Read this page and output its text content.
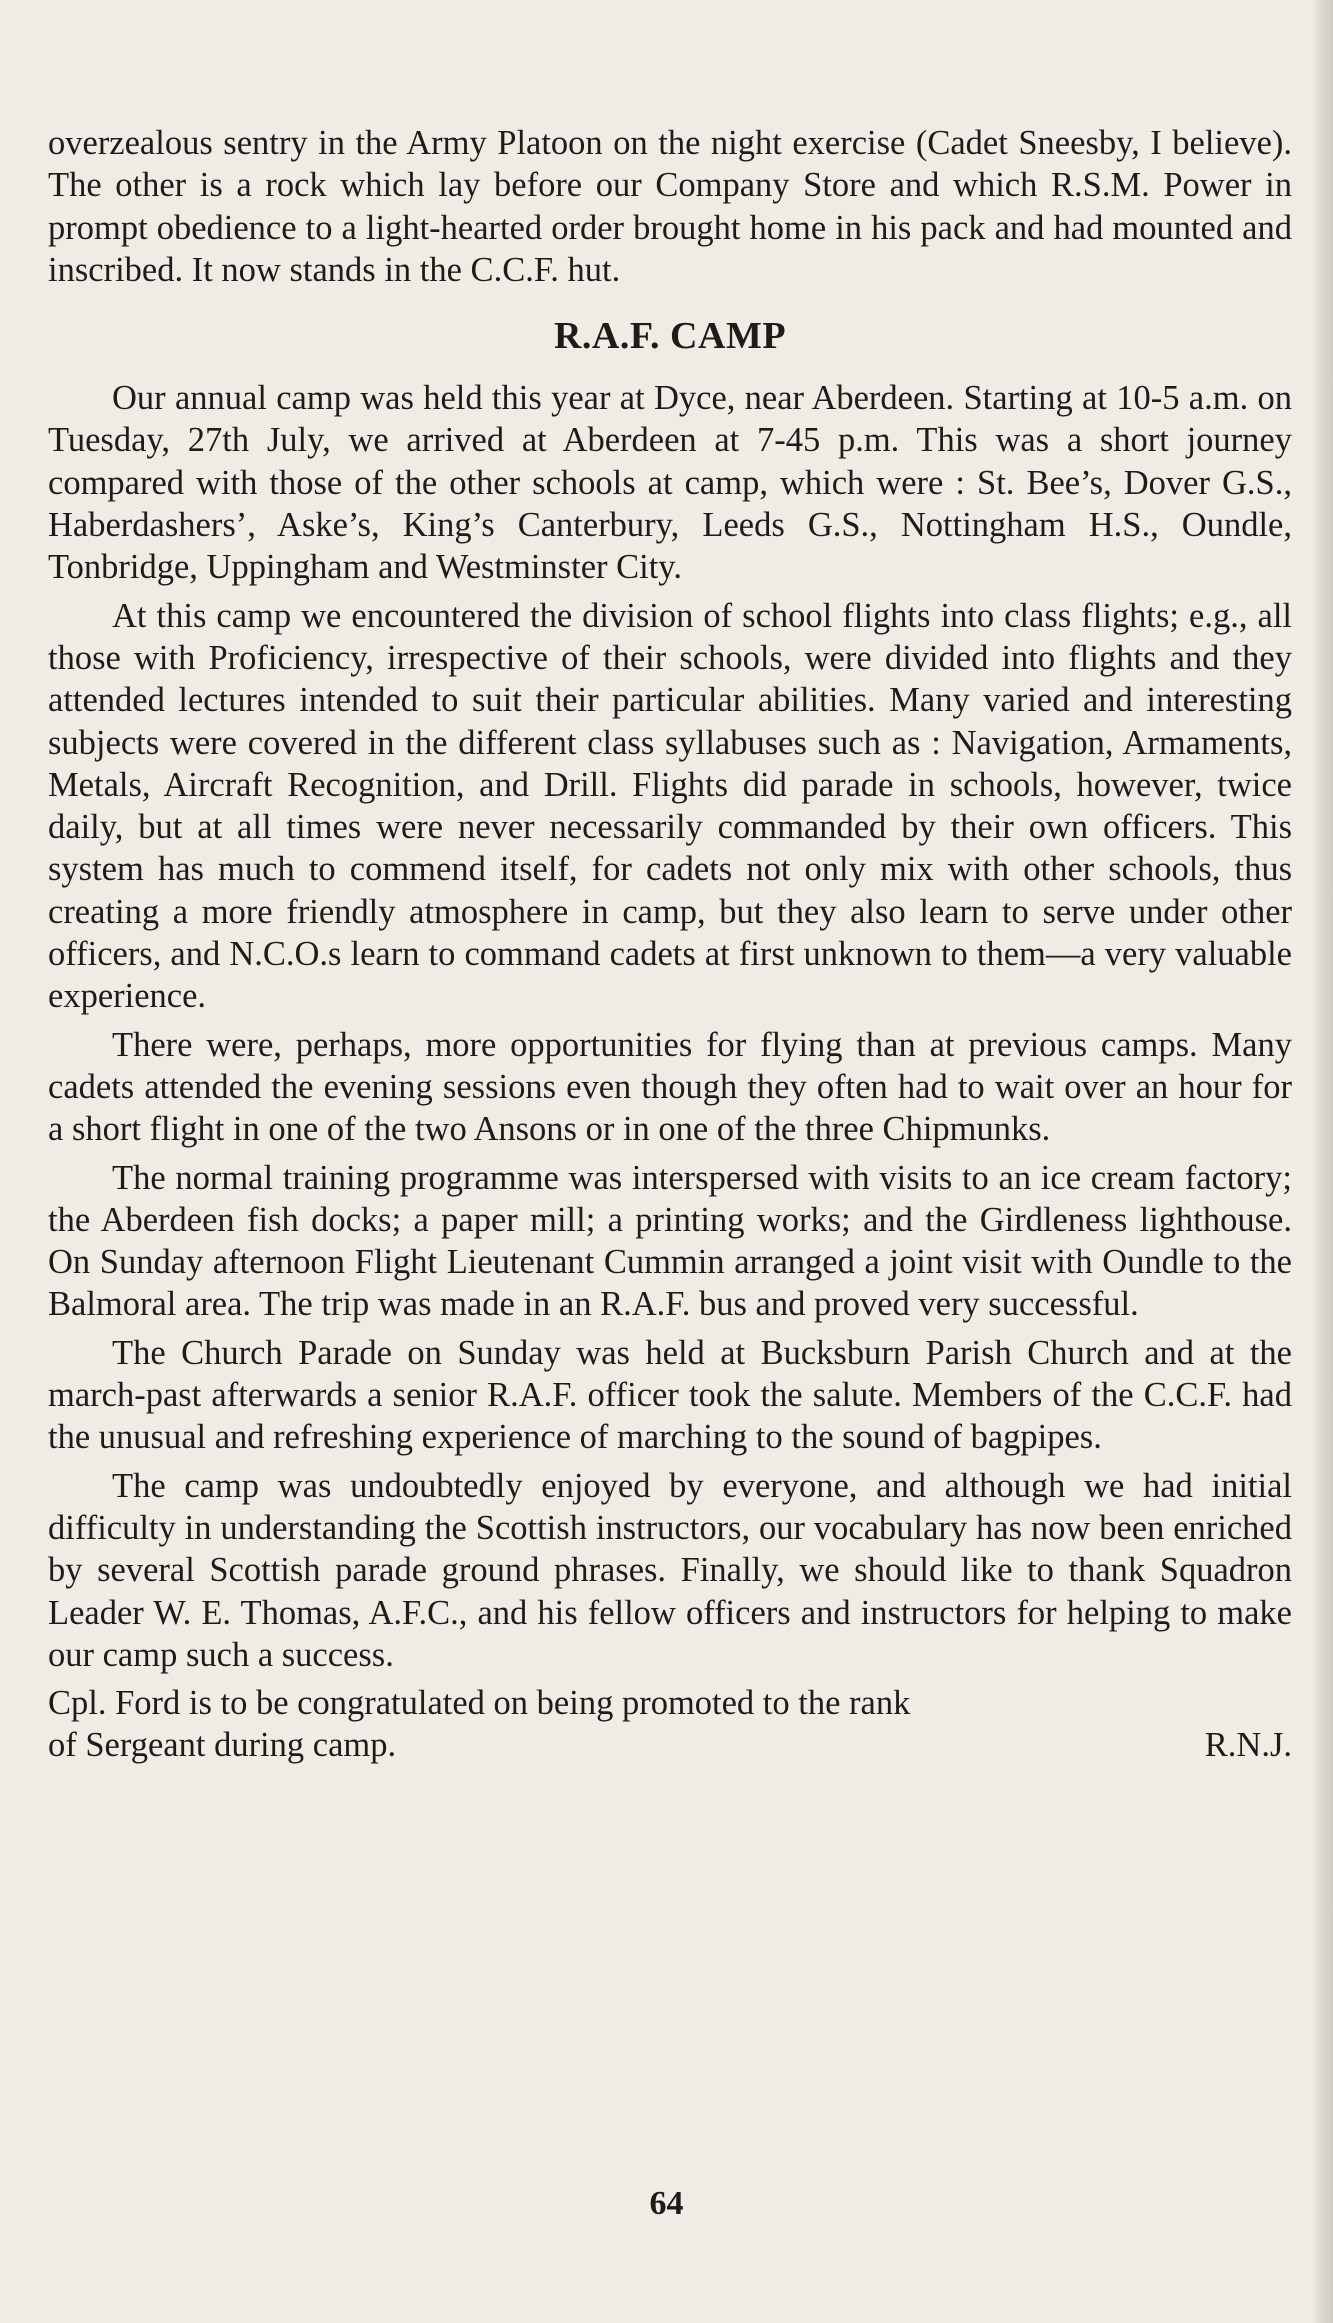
overzealous sentry in the Army Platoon on the night exercise (Cadet Sneesby, I believe). The other is a rock which lay before our Company Store and which R.S.M. Power in prompt obedience to a light-hearted order brought home in his pack and had mounted and inscribed. It now stands in the C.C.F. hut.

R.A.F. CAMP

Our annual camp was held this year at Dyce, near Aberdeen. Starting at 10-5 a.m. on Tuesday, 27th July, we arrived at Aberdeen at 7-45 p.m. This was a short journey compared with those of the other schools at camp, which were : St. Bee’s, Dover G.S., Haberdashers’, Aske’s, King’s Canterbury, Leeds G.S., Nottingham H.S., Oundle, Tonbridge, Uppingham and Westminster City.

At this camp we encountered the division of school flights into class flights; e.g., all those with Proficiency, irrespective of their schools, were divided into flights and they attended lectures intended to suit their particular abilities. Many varied and interesting subjects were covered in the different class syllabuses such as : Navigation, Armaments, Metals, Aircraft Recognition, and Drill. Flights did parade in schools, however, twice daily, but at all times were never necessarily commanded by their own officers. This system has much to commend itself, for cadets not only mix with other schools, thus creating a more friendly atmosphere in camp, but they also learn to serve under other officers, and N.C.O.s learn to command cadets at first unknown to them—a very valuable experience.

There were, perhaps, more opportunities for flying than at previous camps. Many cadets attended the evening sessions even though they often had to wait over an hour for a short flight in one of the two Ansons or in one of the three Chipmunks.

The normal training programme was interspersed with visits to an ice cream factory; the Aberdeen fish docks; a paper mill; a printing works; and the Girdleness lighthouse. On Sunday afternoon Flight Lieutenant Cummin arranged a joint visit with Oundle to the Balmoral area. The trip was made in an R.A.F. bus and proved very successful.

The Church Parade on Sunday was held at Bucksburn Parish Church and at the march-past afterwards a senior R.A.F. officer took the salute. Members of the C.C.F. had the unusual and refreshing experience of marching to the sound of bagpipes.

The camp was undoubtedly enjoyed by everyone, and although we had initial difficulty in understanding the Scottish instructors, our vocabulary has now been enriched by several Scottish parade ground phrases. Finally, we should like to thank Squadron Leader W. E. Thomas, A.F.C., and his fellow officers and instructors for helping to make our camp such a success.

Cpl. Ford is to be congratulated on being promoted to the rank

of Sergeant during camp.	R.N.J.
64
